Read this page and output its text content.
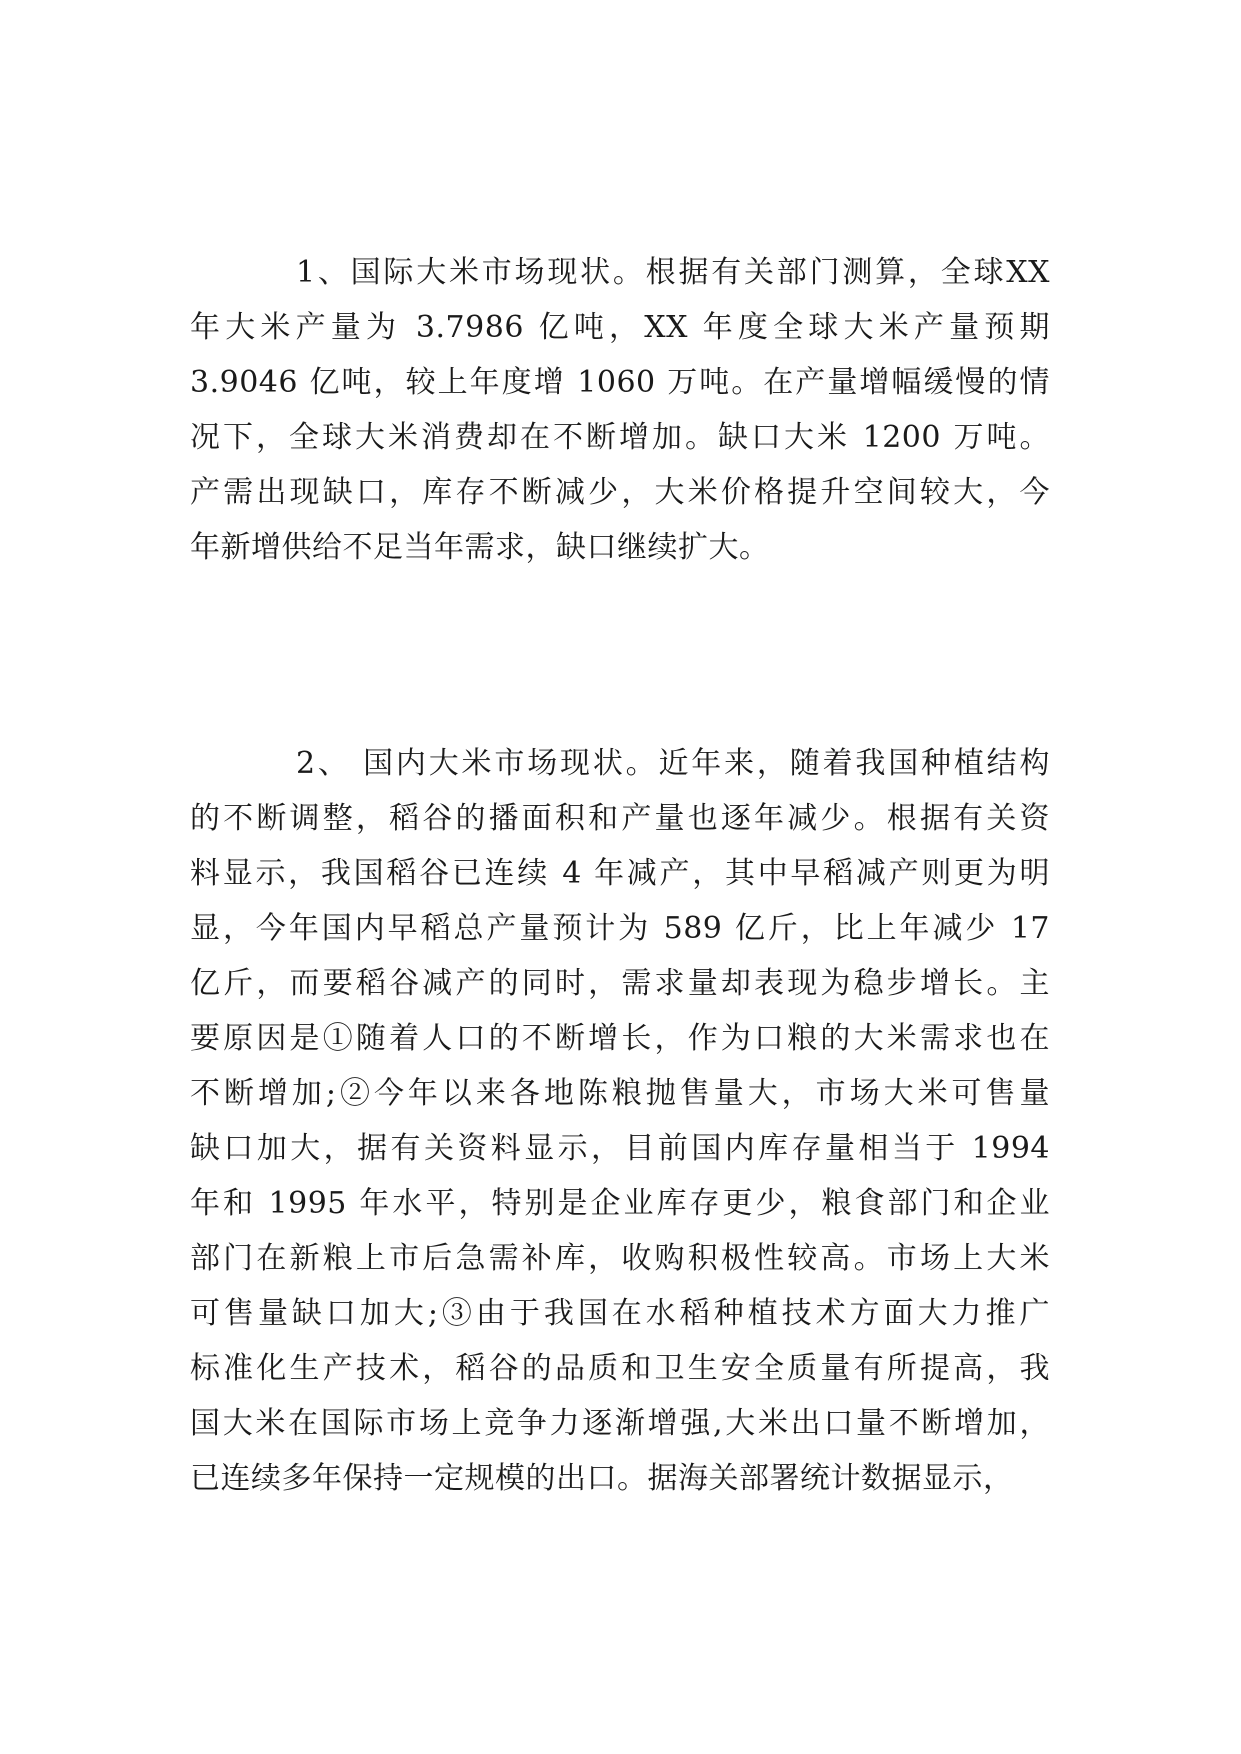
1、国际大米市场现状。根据有关部门测算，全球XX
年大米产量为 3.7986 亿吨，XX 年度全球大米产量预期
3.9046 亿吨，较上年度增 1060 万吨。在产量增幅缓慢的情
况下，全球大米消费却在不断增加。缺口大米 1200 万吨。
产需出现缺口，库存不断减少，大米价格提升空间较大，今
年新增供给不足当年需求，缺口继续扩大。
2、 国内大米市场现状。近年来，随着我国种植结构
的不断调整，稻谷的播面积和产量也逐年减少。根据有关资
料显示，我国稻谷已连续 4 年减产，其中早稻减产则更为明
显，今年国内早稻总产量预计为 589 亿斤，比上年减少 17
亿斤，而要稻谷减产的同时，需求量却表现为稳步增长。主
要原因是①随着人口的不断增长，作为口粮的大米需求也在
不断增加;②今年以来各地陈粮抛售量大，市场大米可售量
缺口加大，据有关资料显示，目前国内库存量相当于 1994
年和 1995 年水平，特别是企业库存更少，粮食部门和企业
部门在新粮上市后急需补库，收购积极性较高。市场上大米
可售量缺口加大;③由于我国在水稻种植技术方面大力推广
标准化生产技术，稻谷的品质和卫生安全质量有所提高，我
国大米在国际市场上竞争力逐渐增强,大米出口量不断增加，
已连续多年保持一定规模的出口。据海关部署统计数据显示，
